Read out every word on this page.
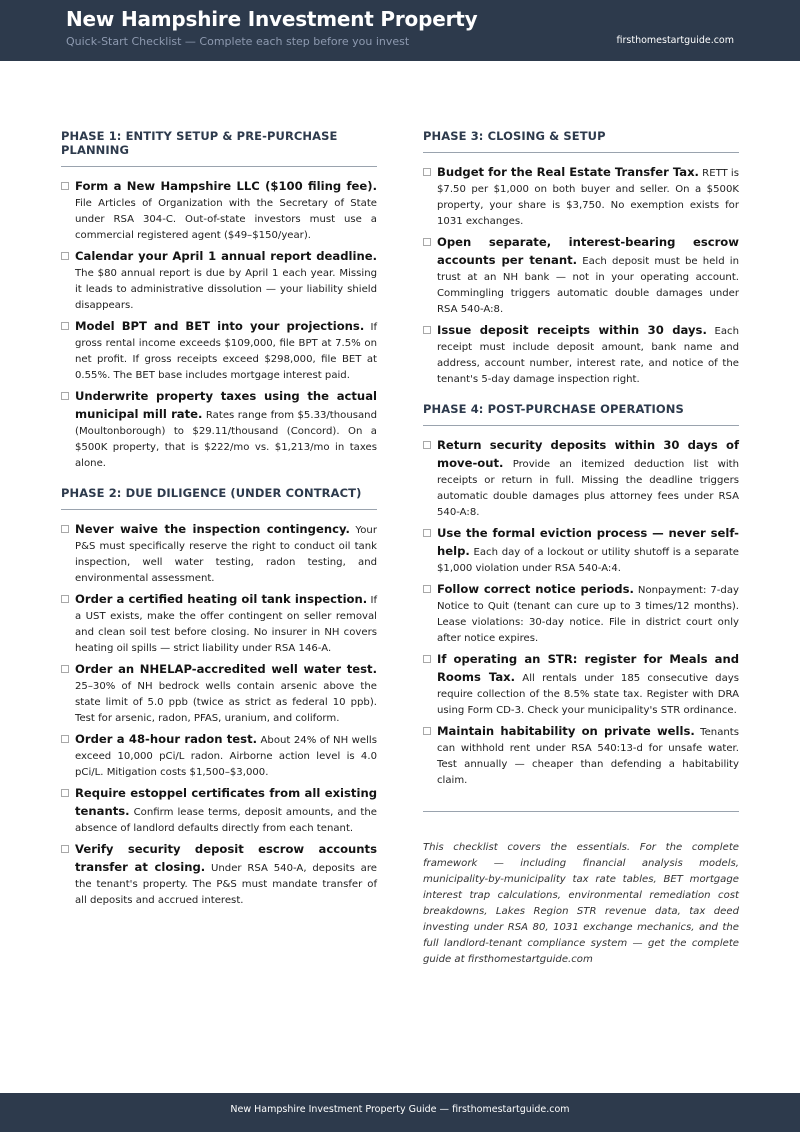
New Hampshire Investment Property
Quick-Start Checklist — Complete each step before you invest	firsthomestartguide.com
PHASE 1: ENTITY SETUP & PRE-PURCHASE PLANNING
Form a New Hampshire LLC ($100 filing fee). File Articles of Organization with the Secretary of State under RSA 304-C. Out-of-state investors must use a commercial registered agent ($49–$150/year).
Calendar your April 1 annual report deadline. The $80 annual report is due by April 1 each year. Missing it leads to administrative dissolution — your liability shield disappears.
Model BPT and BET into your projections. If gross rental income exceeds $109,000, file BPT at 7.5% on net profit. If gross receipts exceed $298,000, file BET at 0.55%. The BET base includes mortgage interest paid.
Underwrite property taxes using the actual municipal mill rate. Rates range from $5.33/thousand (Moultonborough) to $29.11/thousand (Concord). On a $500K property, that is $222/mo vs. $1,213/mo in taxes alone.
PHASE 2: DUE DILIGENCE (UNDER CONTRACT)
Never waive the inspection contingency. Your P&S must specifically reserve the right to conduct oil tank inspection, well water testing, radon testing, and environmental assessment.
Order a certified heating oil tank inspection. If a UST exists, make the offer contingent on seller removal and clean soil test before closing. No insurer in NH covers heating oil spills — strict liability under RSA 146-A.
Order an NHELAP-accredited well water test. 25–30% of NH bedrock wells contain arsenic above the state limit of 5.0 ppb (twice as strict as federal 10 ppb). Test for arsenic, radon, PFAS, uranium, and coliform.
Order a 48-hour radon test. About 24% of NH wells exceed 10,000 pCi/L radon. Airborne action level is 4.0 pCi/L. Mitigation costs $1,500–$3,000.
Require estoppel certificates from all existing tenants. Confirm lease terms, deposit amounts, and the absence of landlord defaults directly from each tenant.
Verify security deposit escrow accounts transfer at closing. Under RSA 540-A, deposits are the tenant's property. The P&S must mandate transfer of all deposits and accrued interest.
PHASE 3: CLOSING & SETUP
Budget for the Real Estate Transfer Tax. RETT is $7.50 per $1,000 on both buyer and seller. On a $500K property, your share is $3,750. No exemption exists for 1031 exchanges.
Open separate, interest-bearing escrow accounts per tenant. Each deposit must be held in trust at an NH bank — not in your operating account. Commingling triggers automatic double damages under RSA 540-A:8.
Issue deposit receipts within 30 days. Each receipt must include deposit amount, bank name and address, account number, interest rate, and notice of the tenant's 5-day damage inspection right.
PHASE 4: POST-PURCHASE OPERATIONS
Return security deposits within 30 days of move-out. Provide an itemized deduction list with receipts or return in full. Missing the deadline triggers automatic double damages plus attorney fees under RSA 540-A:8.
Use the formal eviction process — never self-help. Each day of a lockout or utility shutoff is a separate $1,000 violation under RSA 540-A:4.
Follow correct notice periods. Nonpayment: 7-day Notice to Quit (tenant can cure up to 3 times/12 months). Lease violations: 30-day notice. File in district court only after notice expires.
If operating an STR: register for Meals and Rooms Tax. All rentals under 185 consecutive days require collection of the 8.5% state tax. Register with DRA using Form CD-3. Check your municipality's STR ordinance.
Maintain habitability on private wells. Tenants can withhold rent under RSA 540:13-d for unsafe water. Test annually — cheaper than defending a habitability claim.
This checklist covers the essentials. For the complete framework — including financial analysis models, municipality-by-municipality tax rate tables, BET mortgage interest trap calculations, environmental remediation cost breakdowns, Lakes Region STR revenue data, tax deed investing under RSA 80, 1031 exchange mechanics, and the full landlord-tenant compliance system — get the complete guide at firsthomestartguide.com
New Hampshire Investment Property Guide — firsthomestartguide.com
